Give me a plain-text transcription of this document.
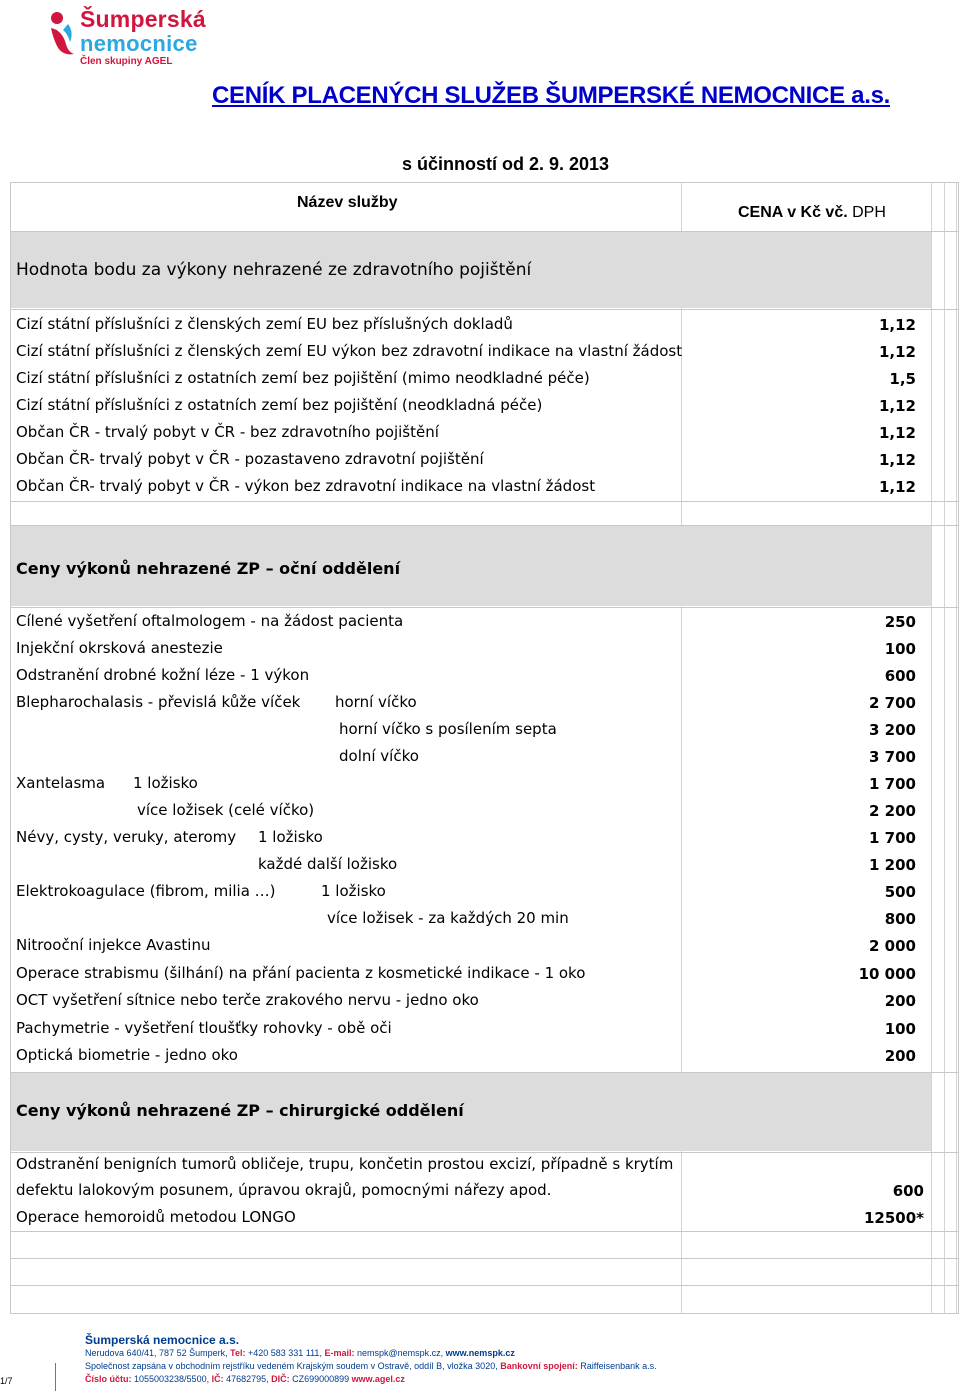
Šumperská
nemocnice
Člen skupiny AGEL
CENÍK PLACENÝCH SLUŽEB ŠUMPERSKÉ NEMOCNICE a.s.
s účinností od 2. 9. 2013
Název služby
CENA v Kč vč. DPH
Hodnota bodu za výkony nehrazené ze zdravotního pojištění
Cizí státní příslušníci z členských zemí EU bez příslušných dokladů	1,12
Cizí státní příslušníci z členských zemí EU výkon bez zdravotní indikace na vlastní žádost	1,12
Cizí státní příslušníci z ostatních zemí bez pojištění (mimo neodkladné péče)	1,5
Cizí státní příslušníci z ostatních zemí bez pojištění (neodkladná péče)	1,12
Občan ČR - trvalý pobyt v ČR - bez zdravotního pojištění	1,12
Občan ČR- trvalý pobyt v ČR - pozastaveno zdravotní pojištění	1,12
Občan ČR- trvalý pobyt v ČR - výkon bez zdravotní indikace na vlastní žádost	1,12
Ceny výkonů nehrazené ZP – oční oddělení
Cílené vyšetření oftalmologem - na žádost pacienta	250
Injekční okrsková anestezie	100
Odstranění drobné kožní léze - 1 výkon	600
Blepharochalasis - převislá kůže víček horní víčko	2 700
horní víčko s posílením septa	3 200
dolní víčko	3 700
Xantelasma 1 ložisko	1 700
více ložisek (celé víčko)	2 200
Névy, cysty, veruky, ateromy 1 ložisko	1 700
každé další ložisko	1 200
Elektrokoagulace (fibrom, milia …)	1 ložisko	500
více ložisek - za každých 20 min	800
Nitrooční injekce Avastinu	2 000
Operace strabismu (šilhání) na přání pacienta z kosmetické indikace - 1 oko	10 000
OCT vyšetření sítnice nebo terče zrakového nervu - jedno oko	200
Pachymetrie - vyšetření tloušťky rohovky - obě oči	100
Optická biometrie - jedno oko	200
Ceny výkonů nehrazené ZP – chirurgické oddělení
Odstranění benigních tumorů obličeje, trupu, končetin prostou excizí, případně s krytím
defektu lalokovým posunem, úpravou okrajů, pomocnými nářezy apod.	600
Operace hemoroidů metodou LONGO	12500*
1/7
Šumperská nemocnice a.s.
Nerudova 640/41, 787 52 Šumperk, Tel: +420 583 331 111, E-mail: nemspk@nemspk.cz, www.nemspk.cz
Společnost zapsána v obchodním rejstříku vedeném Krajským soudem v Ostravě, oddíl B, vložka 3020, Bankovní spojení: Raiffeisenbank a.s.
Číslo účtu: 1055003238/5500, IČ: 47682795, DIČ: CZ699000899 www.agel.cz
